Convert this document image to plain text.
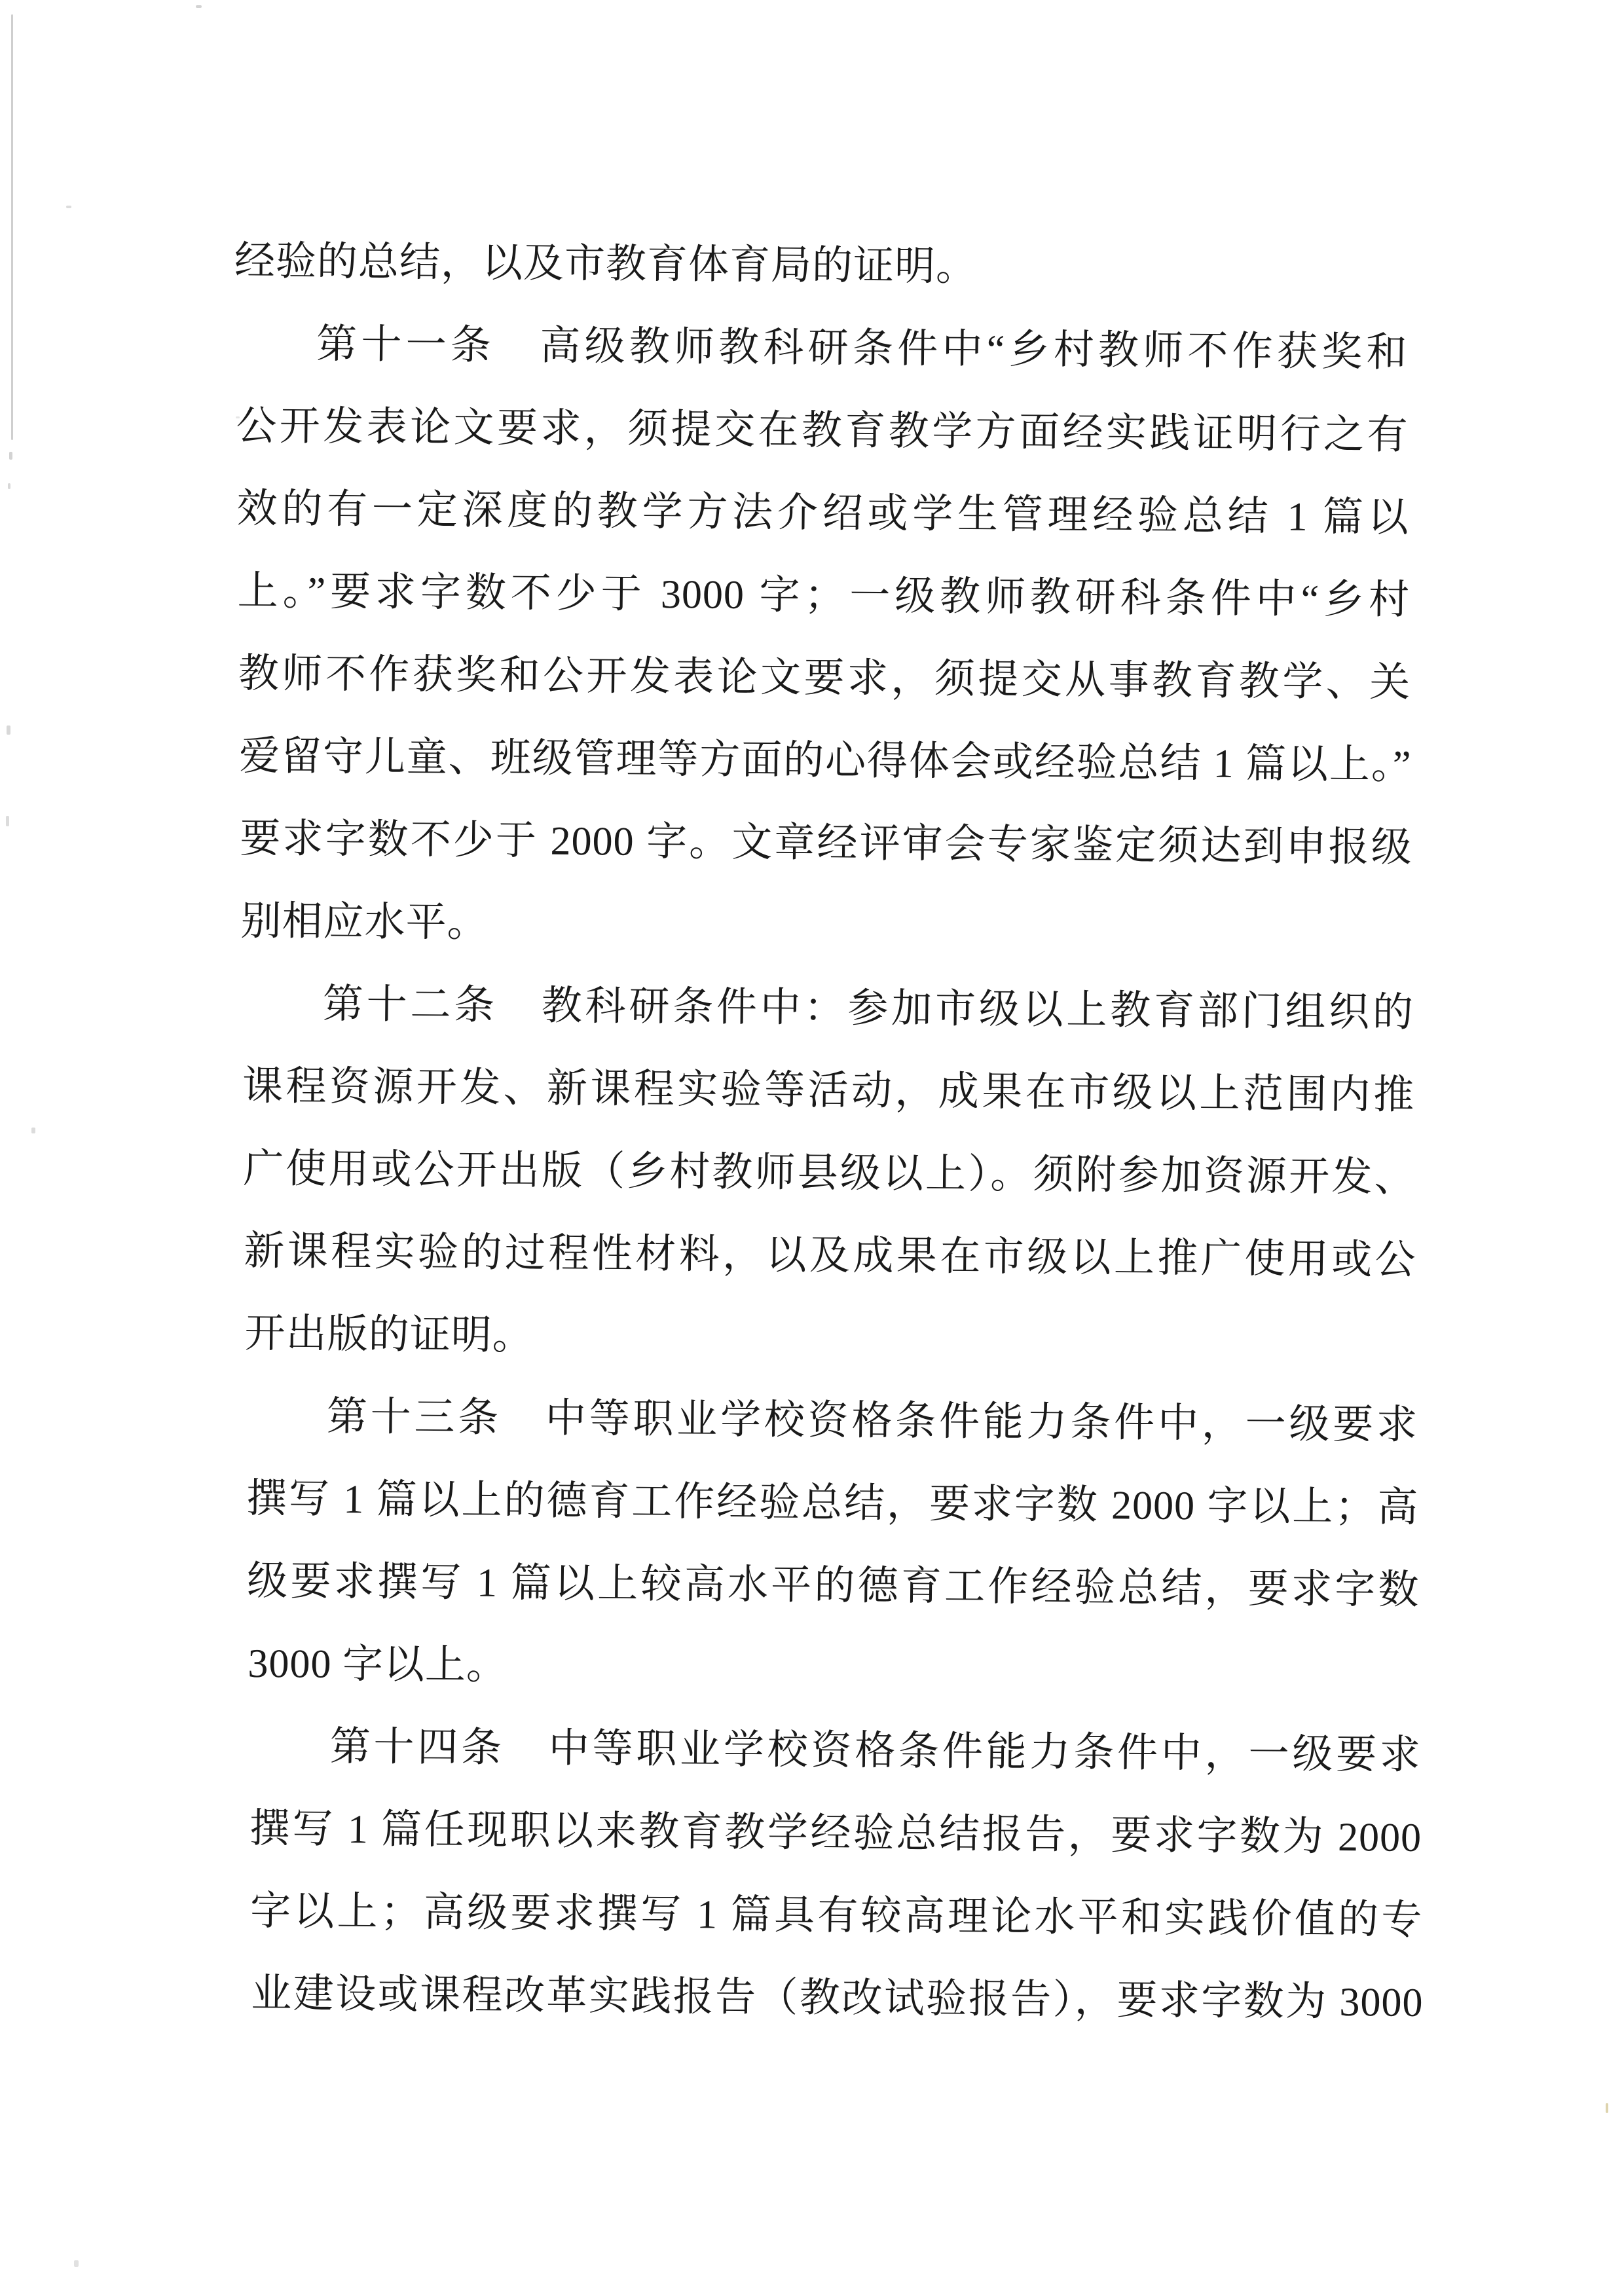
经验的总结，以及市教育体育局的证明。
第十一条　高级教师教科研条件中“乡村教师不作获奖和
公开发表论文要求，须提交在教育教学方面经实践证明行之有
效的有一定深度的教学方法介绍或学生管理经验总结 1 篇以
上。”要求字数不少于 3000 字；一级教师教研科条件中“乡村
教师不作获奖和公开发表论文要求，须提交从事教育教学、关
爱留守儿童、班级管理等方面的心得体会或经验总结 1 篇以上。”
要求字数不少于 2000 字。文章经评审会专家鉴定须达到申报级
别相应水平。
第十二条　教科研条件中：参加市级以上教育部门组织的
课程资源开发、新课程实验等活动，成果在市级以上范围内推
广使用或公开出版（乡村教师县级以上）。须附参加资源开发、
新课程实验的过程性材料，以及成果在市级以上推广使用或公
开出版的证明。
第十三条　中等职业学校资格条件能力条件中，一级要求
撰写 1 篇以上的德育工作经验总结，要求字数 2000 字以上；高
级要求撰写 1 篇以上较高水平的德育工作经验总结，要求字数
3000 字以上。
第十四条　中等职业学校资格条件能力条件中，一级要求
撰写 1 篇任现职以来教育教学经验总结报告，要求字数为 2000
字以上；高级要求撰写 1 篇具有较高理论水平和实践价值的专
业建设或课程改革实践报告（教改试验报告），要求字数为 3000
